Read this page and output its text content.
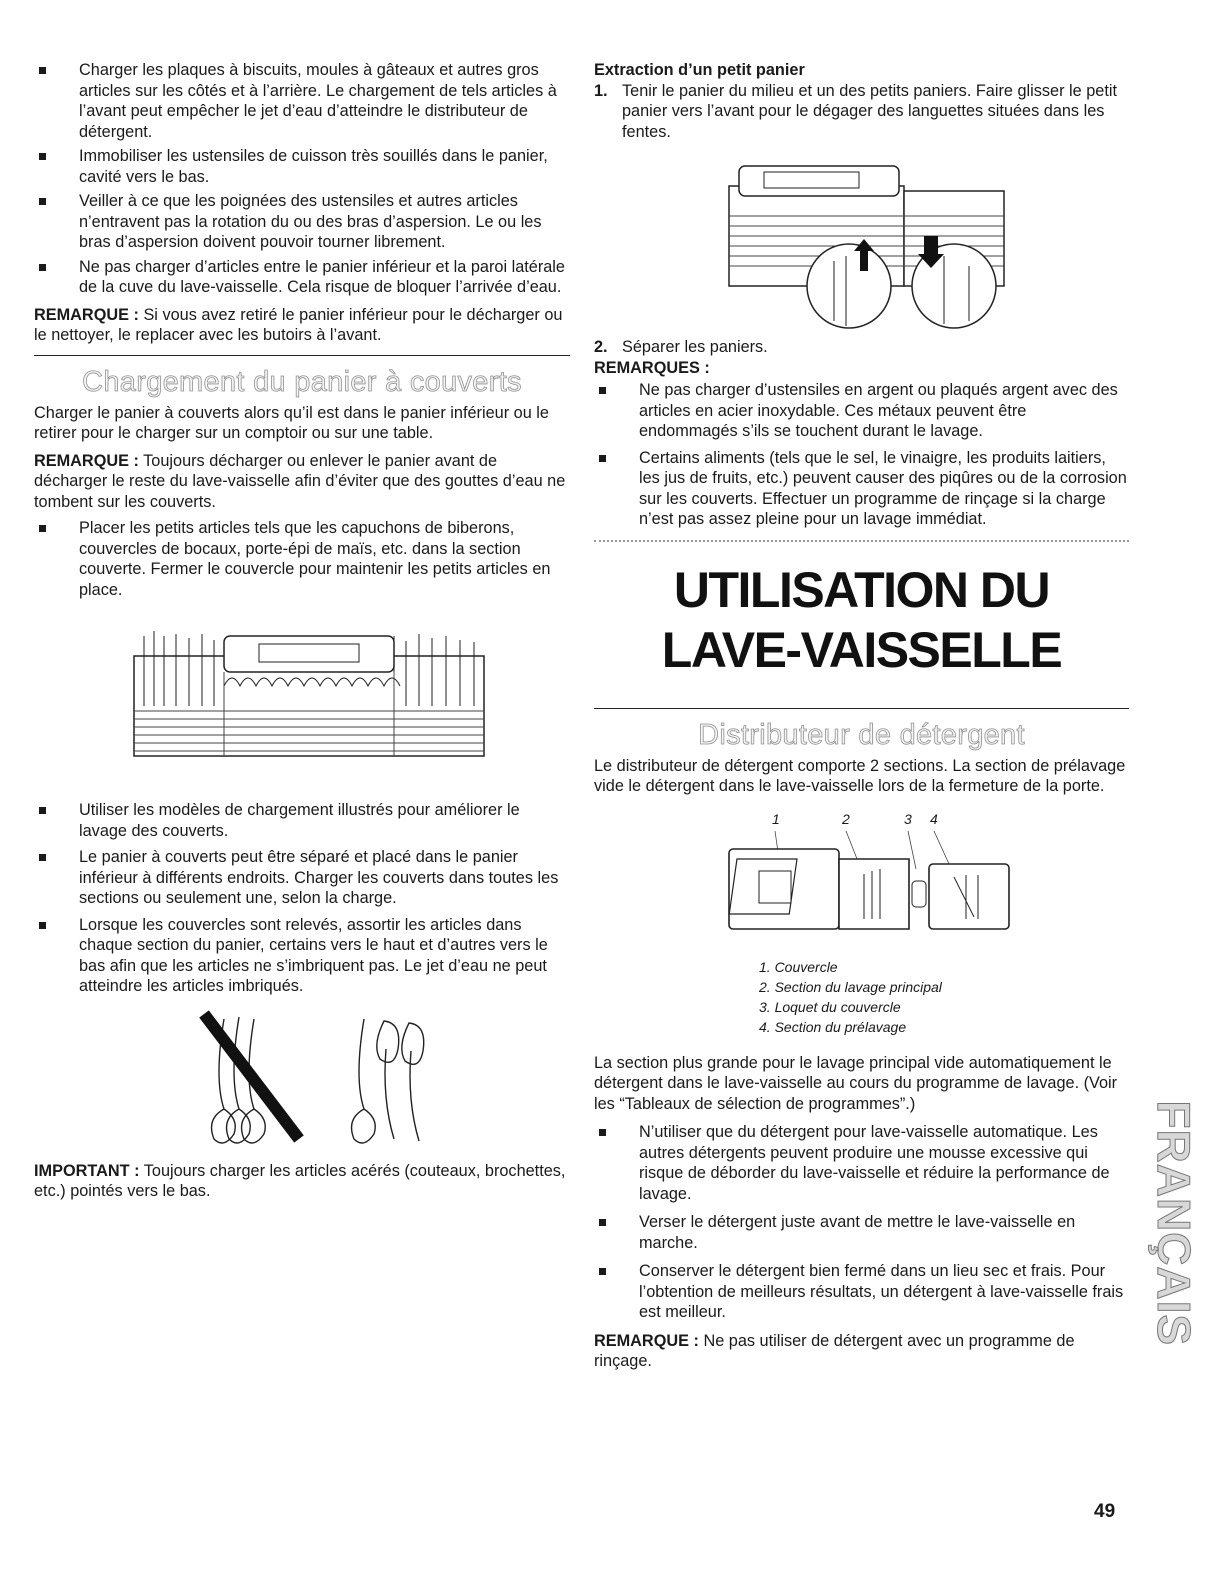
Charger les plaques à biscuits, moules à gâteaux et autres gros articles sur les côtés et à l’arrière. Le chargement de tels articles à l’avant peut empêcher le jet d’eau d’atteindre le distributeur de détergent.
Immobiliser les ustensiles de cuisson très souillés dans le panier, cavité vers le bas.
Veiller à ce que les poignées des ustensiles et autres articles n’entravent pas la rotation du ou des bras d’aspersion. Le ou les bras d’aspersion doivent pouvoir tourner librement.
Ne pas charger d’articles entre le panier inférieur et la paroi latérale de la cuve du lave-vaisselle. Cela risque de bloquer l’arrivée d’eau.

REMARQUE : Si vous avez retiré le panier inférieur pour le décharger ou le nettoyer, le replacer avec les butoirs à l’avant.

Chargement du panier à couverts

Charger le panier à couverts alors qu’il est dans le panier inférieur ou le retirer pour le charger sur un comptoir ou sur une table.

REMARQUE : Toujours décharger ou enlever le panier avant de décharger le reste du lave-vaisselle afin d’éviter que des gouttes d’eau ne tombent sur les couverts.

Placer les petits articles tels que les capuchons de biberons, couvercles de bocaux, porte-épi de maïs, etc. dans la section couverte. Fermer le couvercle pour maintenir les petits articles en place.
Utiliser les modèles de chargement illustrés pour améliorer le lavage des couverts.
Le panier à couverts peut être séparé et placé dans le panier inférieur à différents endroits. Charger les couverts dans toutes les sections ou seulement une, selon la charge.
Lorsque les couvercles sont relevés, assortir les articles dans chaque section du panier, certains vers le haut et d’autres vers le bas afin que les articles ne s’imbriquent pas. Le jet d’eau ne peut atteindre les articles imbriqués.

IMPORTANT : Toujours charger les articles acérés (couteaux, brochettes, etc.) pointés vers le bas.

Extraction d’un petit panier

1. Tenir le panier du milieu et un des petits paniers. Faire glisser le petit panier vers l’avant pour le dégager des languettes situées dans les fentes.
2. Séparer les paniers.

REMARQUES :

Ne pas charger d’ustensiles en argent ou plaqués argent avec des articles en acier inoxydable. Ces métaux peuvent être endommagés s’ils se touchent durant le lavage.
Certains aliments (tels que le sel, le vinaigre, les produits laitiers, les jus de fruits, etc.) peuvent causer des piqûres ou de la corrosion sur les couverts. Effectuer un programme de rinçage si la charge n’est pas assez pleine pour un lavage immédiat.
UTILISATION DU
LAVE-VAISSELLE
Distributeur de détergent

Le distributeur de détergent comporte 2 sections. La section de prélavage vide le détergent dans le lave-vaisselle lors de la fermeture de la porte.

1	2	3 4
1. Couvercle
2. Section du lavage principal
3. Loquet du couvercle
4. Section du prélavage

La section plus grande pour le lavage principal vide automatiquement le détergent dans le lave-vaisselle au cours du programme de lavage. (Voir les “Tableaux de sélection de programmes”.)

N’utiliser que du détergent pour lave-vaisselle automatique. Les autres détergents peuvent produire une mousse excessive qui risque de déborder du lave-vaisselle et réduire la performance de lavage.
Verser le détergent juste avant de mettre le lave-vaisselle en marche.
Conserver le détergent bien fermé dans un lieu sec et frais. Pour l’obtention de meilleurs résultats, un détergent à lave-vaisselle frais est meilleur.

REMARQUE : Ne pas utiliser de détergent avec un programme de rinçage.

FRANÇAIS
49
